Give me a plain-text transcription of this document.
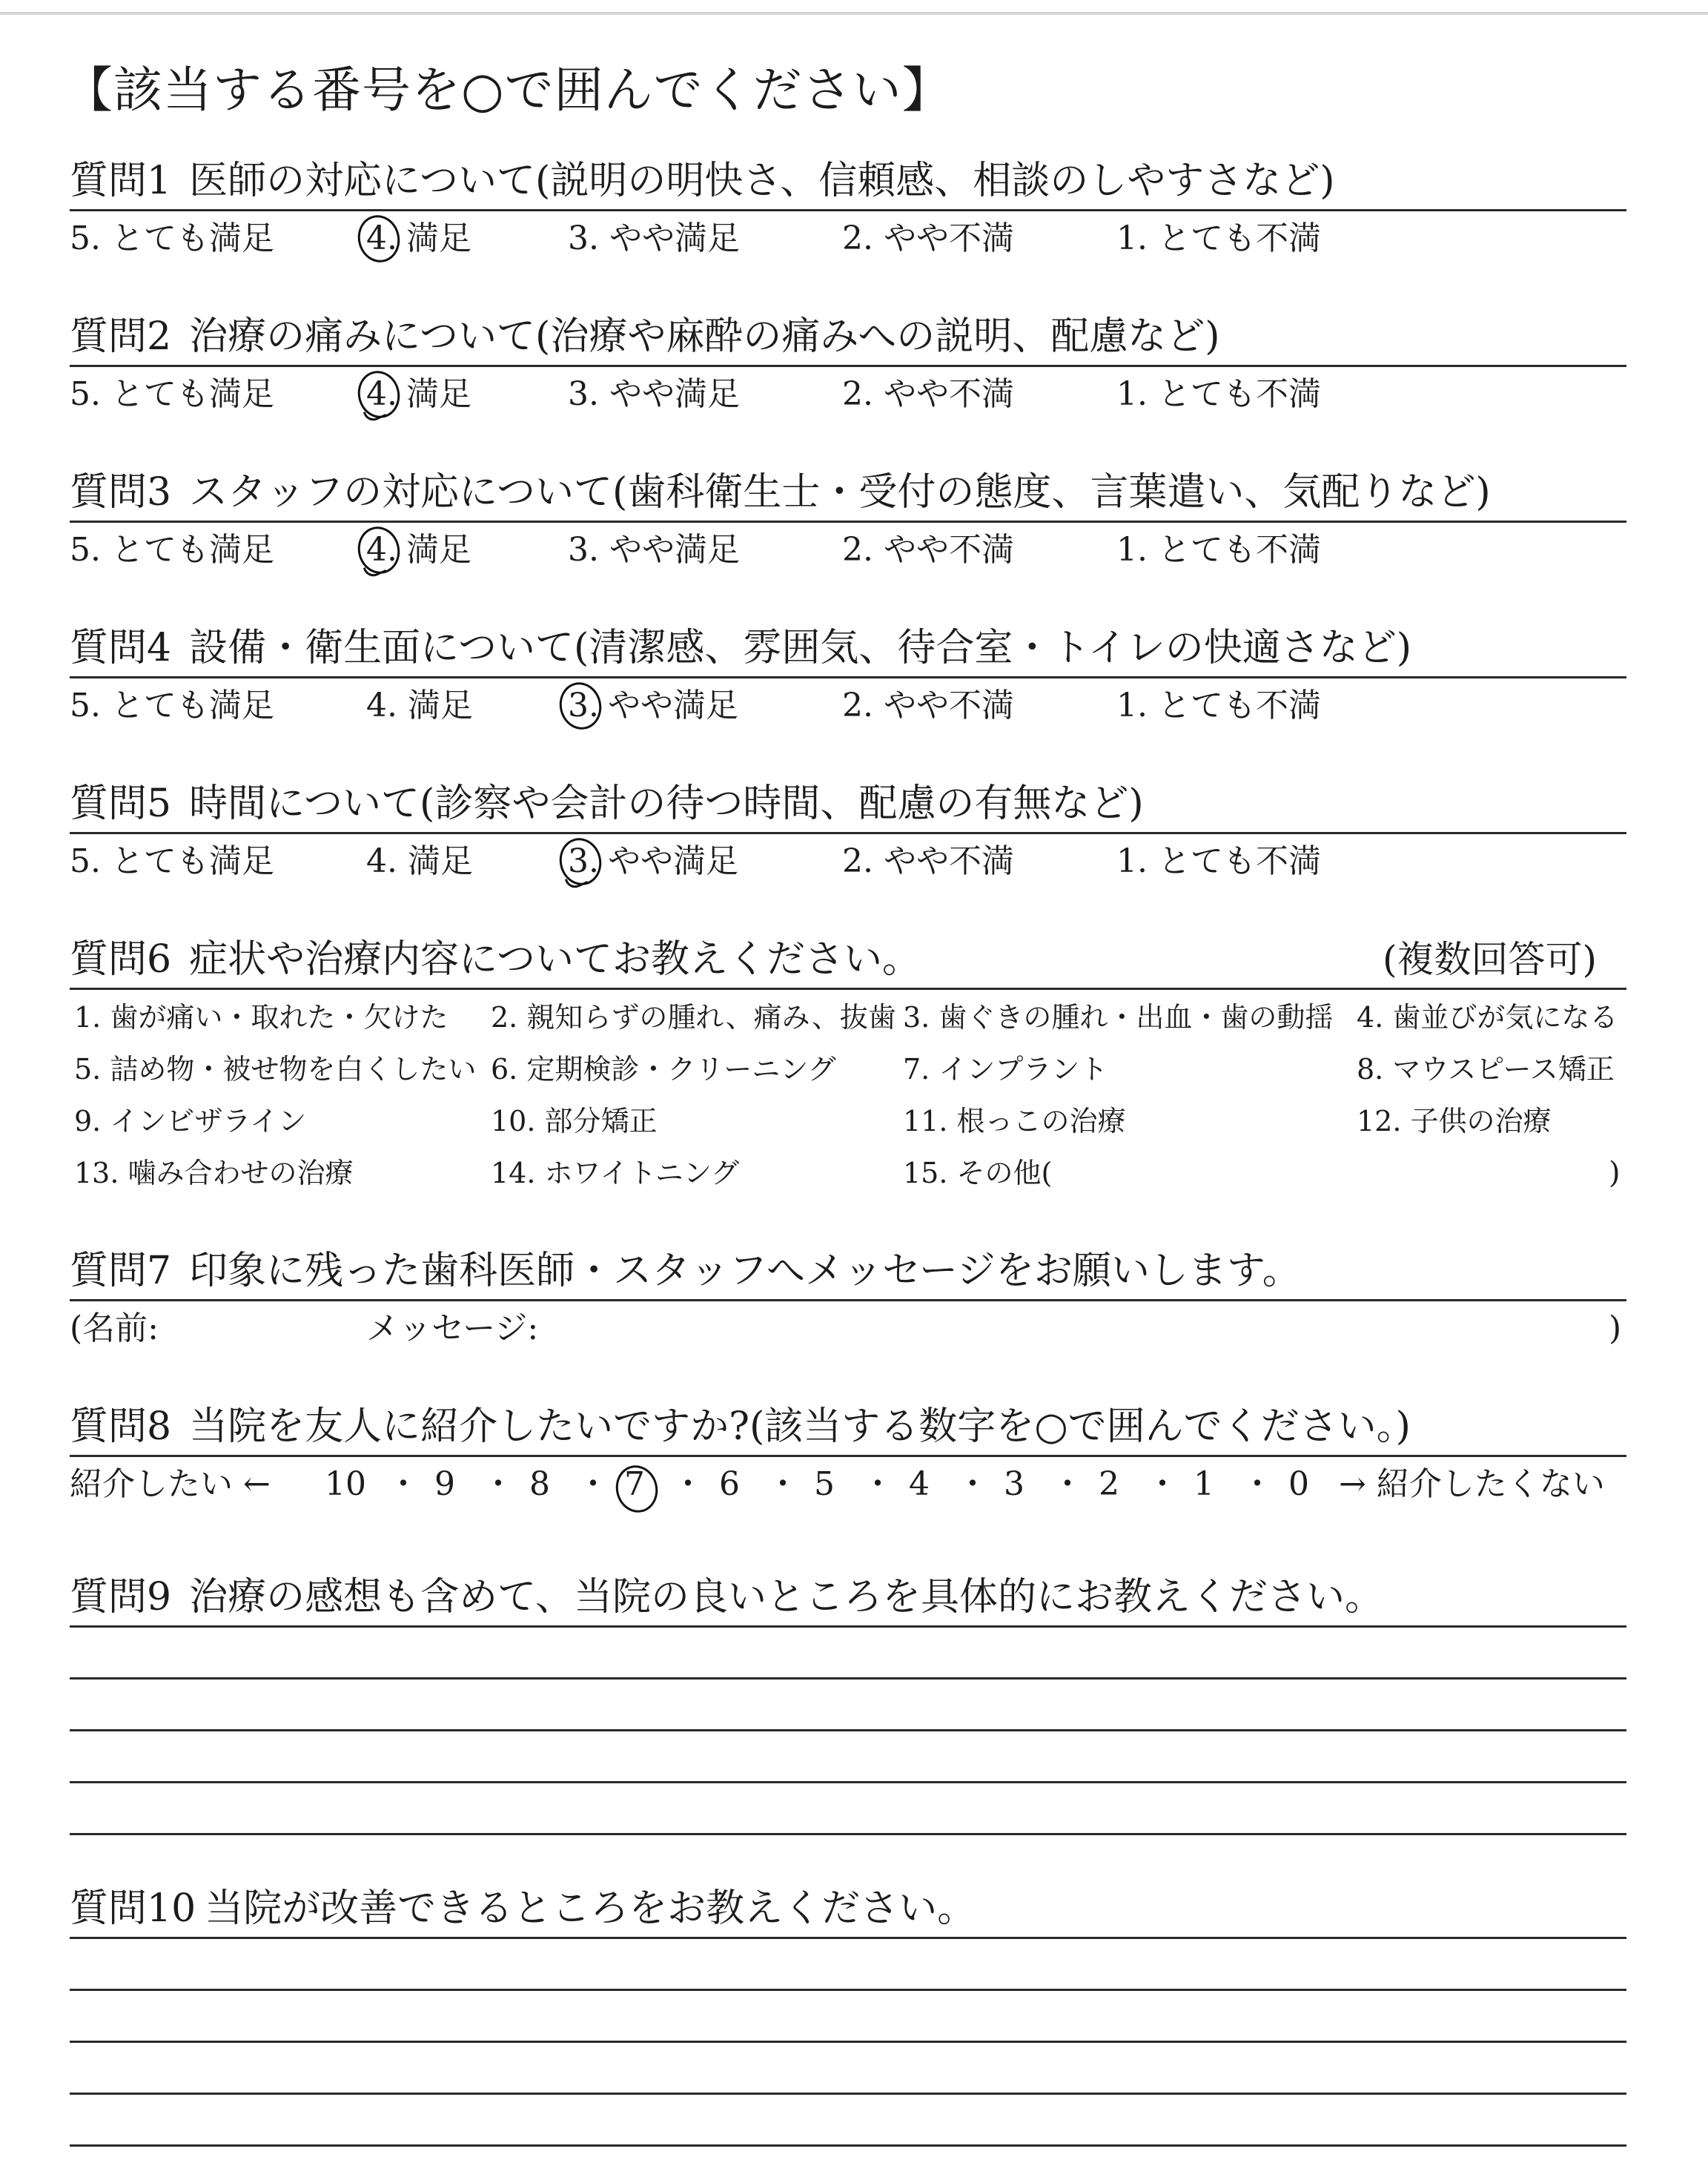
【該当する番号を○で囲んでください】
質問1 医師の対応について(説明の明快さ、信頼感、相談のしやすさなど)
5. とても満足	4. 満足	3. やや満足	2. やや不満	1. とても不満
質問2 治療の痛みについて(治療や麻酔の痛みへの説明、配慮など)
5. とても満足	4. 満足	3. やや満足	2. やや不満	1. とても不満
質問3 スタッフの対応について(歯科衛生士・受付の態度、言葉遣い、気配りなど)
5. とても満足	4. 満足	3. やや満足	2. やや不満	1. とても不満
質問4 設備・衛生面について(清潔感、雰囲気、待合室・トイレの快適さなど)
5. とても満足	4. 満足	3. やや満足	2. やや不満	1. とても不満
質問5 時間について(診察や会計の待つ時間、配慮の有無など)
5. とても満足	4. 満足	3. やや満足	2. やや不満	1. とても不満
質問6 症状や治療内容についてお教えください。	(複数回答可)
1. 歯が痛い・取れた・欠けた 2. 親知らずの腫れ、痛み、抜歯 3. 歯ぐきの腫れ・出血・歯の動揺 4. 歯並びが気になる
5. 詰め物・被せ物を白くしたい 6. 定期検診・クリーニング 7. インプラント	8. マウスピース矯正
9. インビザライン	10. 部分矯正	11. 根っこの治療	12. 子供の治療
13. 噛み合わせの治療	14. ホワイトニング	15. その他(	)
質問7 印象に残った歯科医師・スタッフへメッセージをお願いします。
(名前:	メッセージ:	)
質問8 当院を友人に紹介したいですか?(該当する数字を○で囲んでください。)
紹介したい ← 10 ・ 9 ・ 8 ・ 7 ・ 6 ・ 5 ・ 4 ・ 3 ・ 2 ・ 1 ・ 0 → 紹介したくない
質問9 治療の感想も含めて、当院の良いところを具体的にお教えください。
質問10 当院が改善できるところをお教えください。
